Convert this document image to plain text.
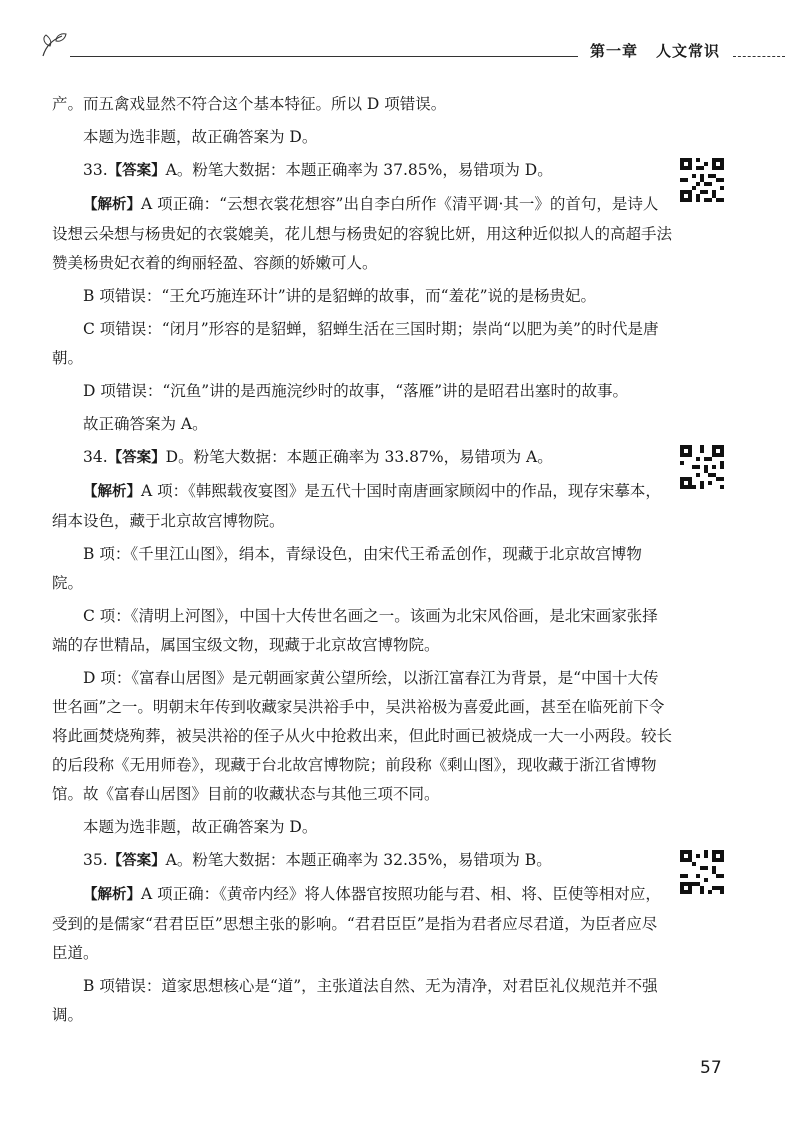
第一章 人文常识

产。而五禽戏显然不符合这个基本特征。所以 D 项错误。

本题为选非题，故正确答案为 D。

33.【答案】A。粉笔大数据：本题正确率为 37.85%，易错项为 D。

【解析】A 项正确：“云想衣裳花想容”出自李白所作《清平调·其一》的首句，是诗人设想云朵想与杨贵妃的衣裳媲美，花儿想与杨贵妃的容貌比妍，用这种近似拟人的高超手法赞美杨贵妃衣着的绚丽轻盈、容颜的娇嫩可人。

B 项错误：“王允巧施连环计”讲的是貂蝉的故事，而“羞花”说的是杨贵妃。

C 项错误：“闭月”形容的是貂蝉，貂蝉生活在三国时期；崇尚“以肥为美”的时代是唐朝。

D 项错误：“沉鱼”讲的是西施浣纱时的故事，“落雁”讲的是昭君出塞时的故事。

故正确答案为 A。

34.【答案】D。粉笔大数据：本题正确率为 33.87%，易错项为 A。

【解析】A 项：《韩熙载夜宴图》是五代十国时南唐画家顾闳中的作品，现存宋摹本，绢本设色，藏于北京故宫博物院。

B 项：《千里江山图》，绢本，青绿设色，由宋代王希孟创作，现藏于北京故宫博物院。

C 项：《清明上河图》，中国十大传世名画之一。该画为北宋风俗画，是北宋画家张择端的存世精品，属国宝级文物，现藏于北京故宫博物院。

D 项：《富春山居图》是元朝画家黄公望所绘，以浙江富春江为背景，是“中国十大传世名画”之一。明朝末年传到收藏家吴洪裕手中，吴洪裕极为喜爱此画，甚至在临死前下令将此画焚烧殉葬，被吴洪裕的侄子从火中抢救出来，但此时画已被烧成一大一小两段。较长的后段称《无用师卷》，现藏于台北故宫博物院；前段称《剩山图》，现收藏于浙江省博物馆。故《富春山居图》目前的收藏状态与其他三项不同。

本题为选非题，故正确答案为 D。

35.【答案】A。粉笔大数据：本题正确率为 32.35%，易错项为 B。

【解析】A 项正确：《黄帝内经》将人体器官按照功能与君、相、将、臣使等相对应，受到的是儒家“君君臣臣”思想主张的影响。“君君臣臣”是指为君者应尽君道，为臣者应尽臣道。

B 项错误：道家思想核心是“道”，主张道法自然、无为清净，对君臣礼仪规范并不强调。

57
